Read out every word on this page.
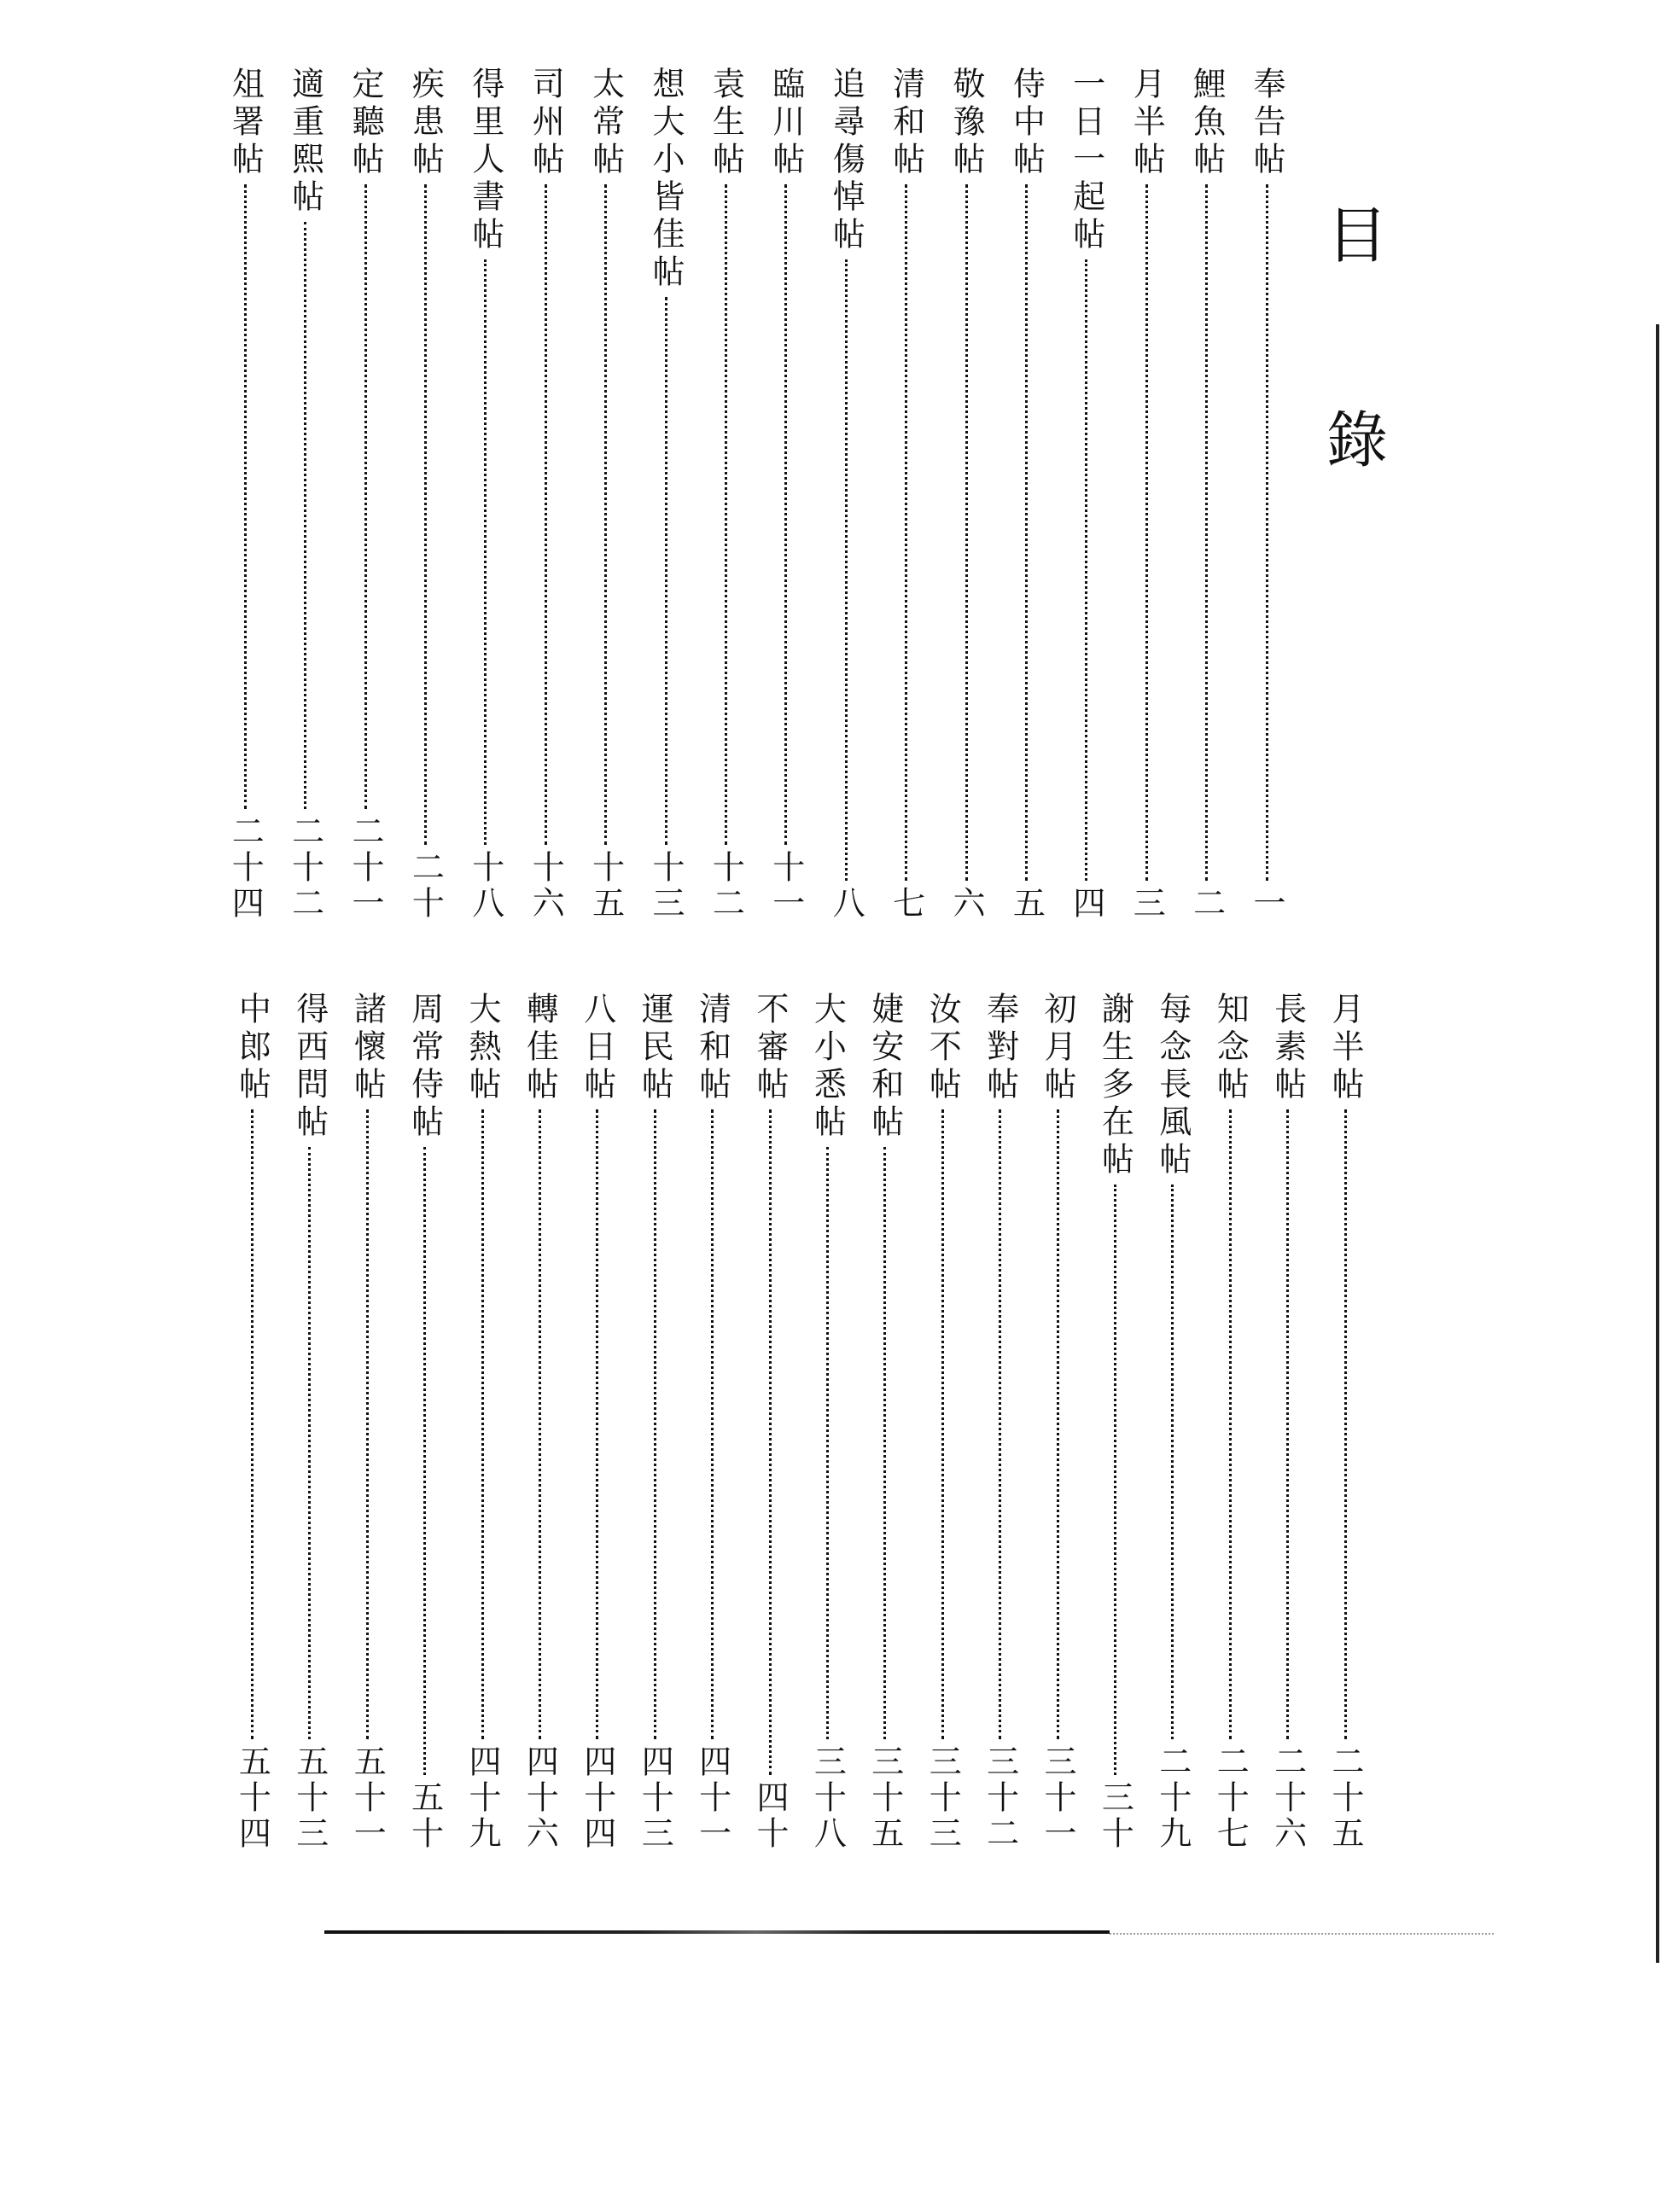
目
錄
奉告帖
一
鯉魚帖
二
月半帖
三
一日一起帖
四
侍中帖
五
敬豫帖
六
清和帖
七
追尋傷悼帖
八
臨川帖
十一
袁生帖
十二
想大小皆佳帖
十三
太常帖
十五
司州帖
十六
得里人書帖
十八
疾患帖
二十
定聽帖
二十一
適重熙帖
二十二
俎署帖
二十四
月半帖
二十五
長素帖
二十六
知念帖
二十七
每念長風帖
二十九
謝生多在帖
三十
初月帖
三十一
奉對帖
三十二
汝不帖
三十三
婕安和帖
三十五
大小悉帖
三十八
不審帖
四十
清和帖
四十一
運民帖
四十三
八日帖
四十四
轉佳帖
四十六
大熱帖
四十九
周常侍帖
五十
諸懷帖
五十一
得西問帖
五十三
中郎帖
五十四
